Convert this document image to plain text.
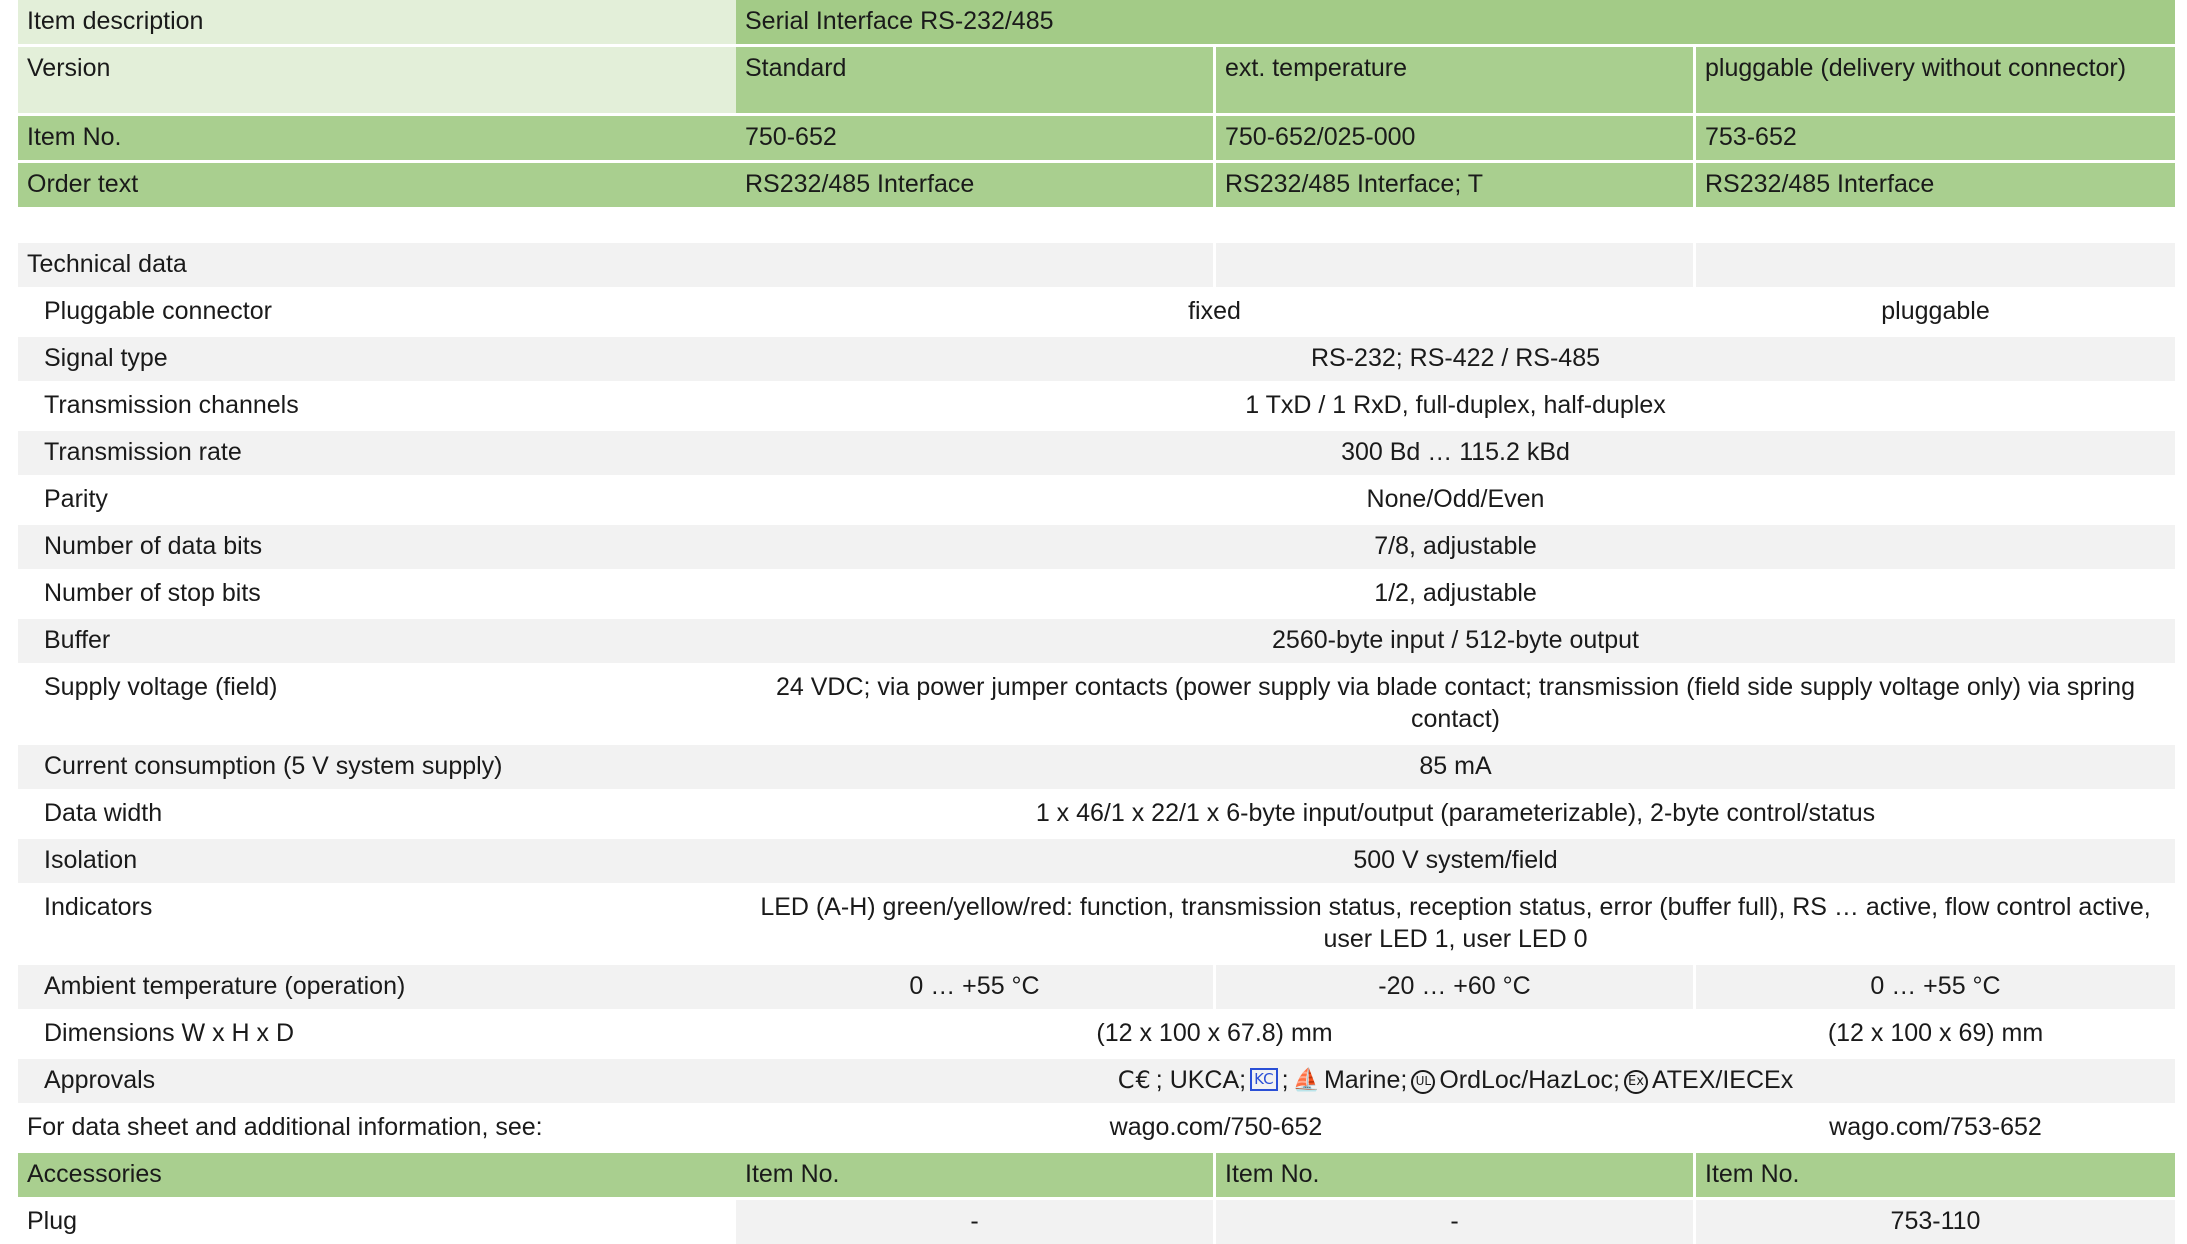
Item description	Serial Interface RS-232/485		

Version	Standard	ext. temperature	pluggable (delivery without connector)

Item No.	750-652	750-652/025-000	753-652

Order text	RS232/485 Interface	RS232/485 Interface; T	RS232/485 Interface
Technical data			

Pluggable connector	fixed		pluggable

Signal type	RS-232; RS-422 / RS-485		

Transmission channels	1 TxD / 1 RxD, full-duplex, half-duplex		

Transmission rate	300 Bd … 115.2 kBd		

Parity	None/Odd/Even		

Number of data bits	7/8, adjustable		

Number of stop bits	1/2, adjustable		

Buffer	2560-byte input / 512-byte output		

Supply voltage (field)	24 VDC; via power jumper contacts (power supply via blade contact; transmission (field side supply voltage only) via spring contact)		

Current consumption (5 V system supply)	85 mA		

Data width	1 x 46/1 x 22/1 x 6-byte input/output (parameterizable), 2-byte control/status		

Isolation	500 V system/field		

Indicators	LED (A-H) green/yellow/red: function, transmission status, reception status, error (buffer full), RS … active, flow control active, user LED 1, user LED 0		

Ambient temperature (operation)	0 … +55 °C	-20 … +60 °C	0 … +55 °C

Dimensions W x H x D	(12 x 100 x 67.8) mm		(12 x 100 x 69) mm

Approvals	C€ ; UKCA; KC ; ⛵ Marine; UL OrdLoc/HazLoc; Ex ATEX/IECEx

For data sheet and additional information, see:	wago.com/750-652		wago.com/753-652

Accessories	Item No.	Item No.	Item No.

Plug	-	-	753-110
